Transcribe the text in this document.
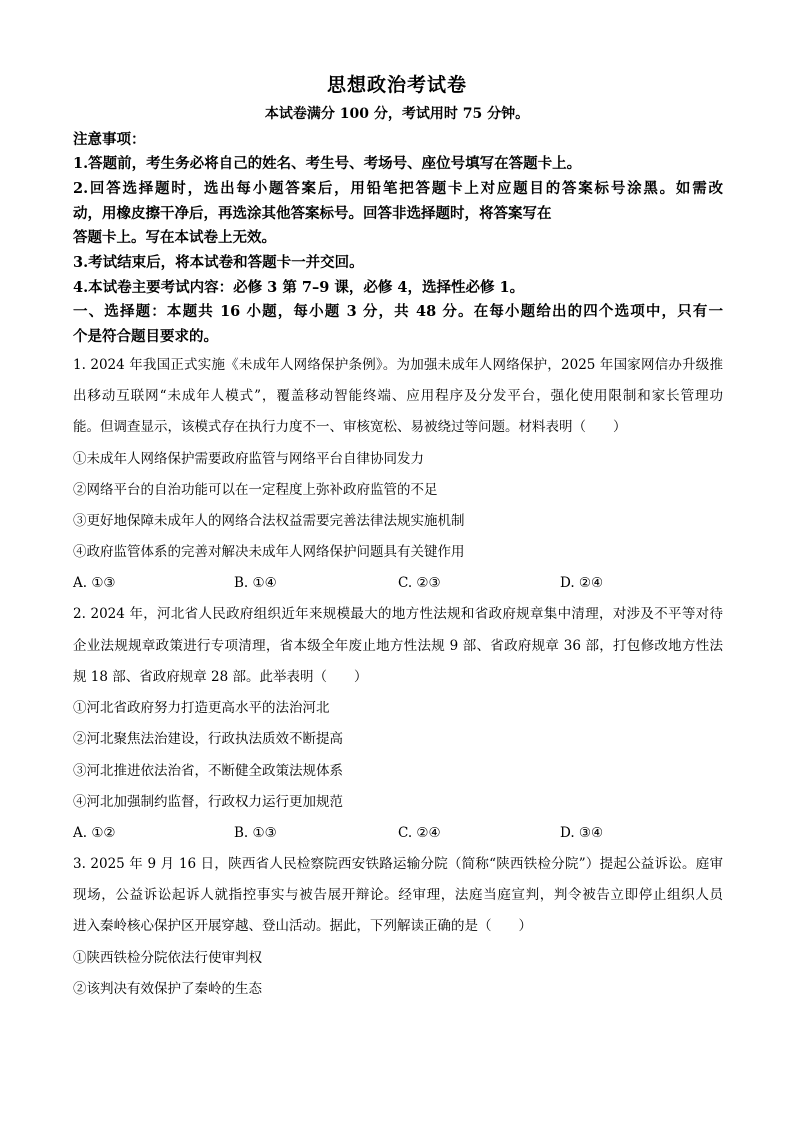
思想政治考试卷
本试卷满分 100 分，考试用时 75 分钟。
注意事项：
1.答题前，考生务必将自己的姓名、考生号、考场号、座位号填写在答题卡上。
2.回答选择题时，选出每小题答案后，用铅笔把答题卡上对应题目的答案标号涂黑。如需改
动，用橡皮擦干净后，再选涂其他答案标号。回答非选择题时，将答案写在
答题卡上。写在本试卷上无效。
3.考试结束后，将本试卷和答题卡一并交回。
4.本试卷主要考试内容：必修 3 第 7–9 课，必修 4，选择性必修 1。
一、选择题：本题共 16 小题，每小题 3 分，共 48 分。在每小题给出的四个选项中，只有一
个是符合题目要求的。
1. 2024 年我国正式实施《未成年人网络保护条例》。为加强未成年人网络保护，2025 年国家网信办升级推
出移动互联网“未成年人模式”，覆盖移动智能终端、应用程序及分发平台，强化使用限制和家长管理功
能。但调查显示，该模式存在执行力度不一、审核宽松、易被绕过等问题。材料表明（　　）
①未成年人网络保护需要政府监管与网络平台自律协同发力
②网络平台的自治功能可以在一定程度上弥补政府监管的不足
③更好地保障未成年人的网络合法权益需要完善法律法规实施机制
④政府监管体系的完善对解决未成年人网络保护问题具有关键作用
A. ①③	B. ①④	C. ②③	D. ②④
2. 2024 年，河北省人民政府组织近年来规模最大的地方性法规和省政府规章集中清理，对涉及不平等对待
企业法规规章政策进行专项清理，省本级全年废止地方性法规 9 部、省政府规章 36 部，打包修改地方性法
规 18 部、省政府规章 28 部。此举表明（　　）
①河北省政府努力打造更高水平的法治河北
②河北聚焦法治建设，行政执法质效不断提高
③河北推进依法治省，不断健全政策法规体系
④河北加强制约监督，行政权力运行更加规范
A. ①②	B. ①③	C. ②④	D. ③④
3. 2025 年 9 月 16 日，陕西省人民检察院西安铁路运输分院（简称“陕西铁检分院”）提起公益诉讼。庭审
现场，公益诉讼起诉人就指控事实与被告展开辩论。经审理，法庭当庭宣判，判令被告立即停止组织人员
进入秦岭核心保护区开展穿越、登山活动。据此，下列解读正确的是（　　）
①陕西铁检分院依法行使审判权
②该判决有效保护了秦岭的生态
